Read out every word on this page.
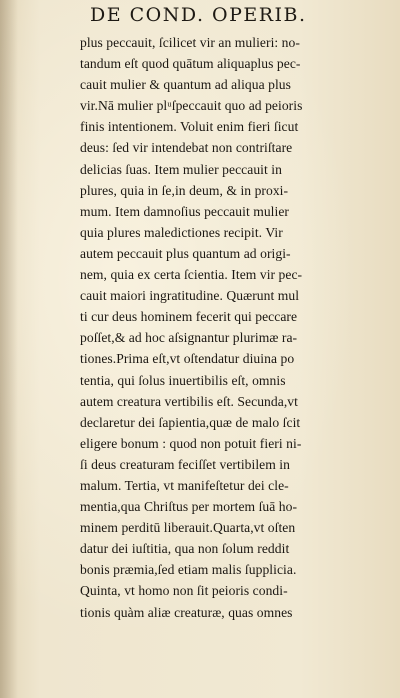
DE COND. OPERIB.
plus peccauit, ſcilicet vir an mulieri: no-
tandum eſt quod quātum aliquaplus pec-
cauit mulier & quantum ad aliqua plus
vir.Nā mulier plᵘſpeccauit quo ad peioris
finis intentionem. Voluit enim fieri ſicut
deus: ſed vir intendebat non contriſtare
delicias ſuas. Item mulier peccauit in
plures, quia in ſe,in deum, & in proxi-
mum. Item damnoſius peccauit mulier
quia plures maledictiones recipit. Vir
autem peccauit plus quantum ad origi-
nem, quia ex certa ſcientia. Item vir pec-
cauit maiori ingratitudine. Quærunt mul
ti cur deus hominem fecerit qui peccare
poſſet,& ad hoc aſsignantur plurimæ ra-
tiones.Prima eſt,vt oſtendatur diuina po
tentia, qui ſolus inuertibilis eſt, omnis
autem creatura vertibilis eſt. Secunda,vt
declaretur dei ſapientia,quæ de malo ſcit
eligere bonum : quod non potuit fieri ni-
ſi deus creaturam feciſſet vertibilem in
malum. Tertia, vt manifeſtetur dei cle-
mentia,qua Chriſtus per mortem ſuā ho-
minem perditū liberauit.Quarta,vt oſten
datur dei iuſtitia, qua non ſolum reddit
bonis præmia,ſed etiam malis ſupplicia.
Quinta, vt homo non ſit peioris condi-
tionis quàm aliæ creaturæ, quas omnes
